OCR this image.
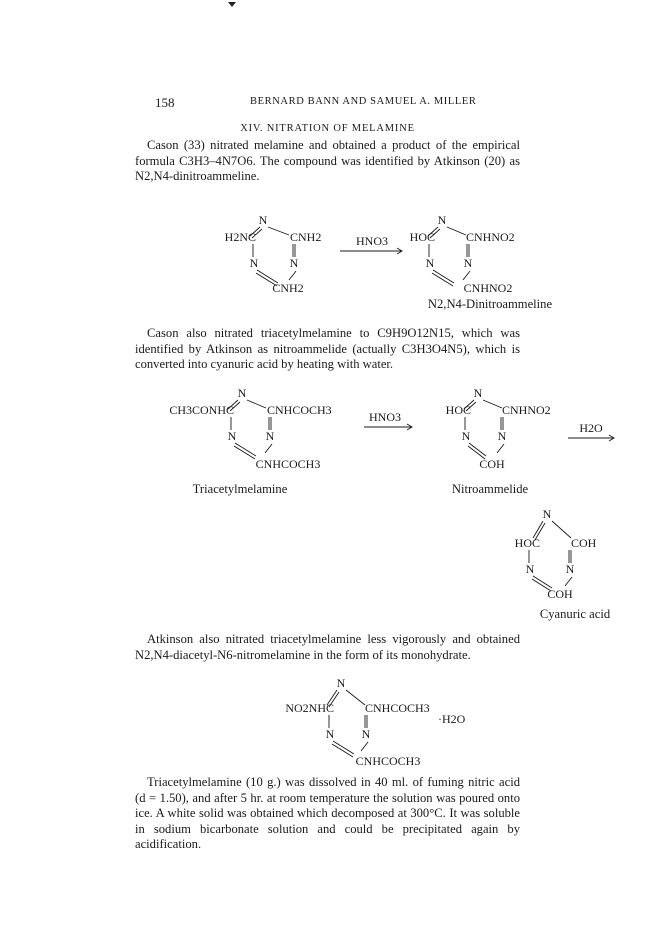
158	BERNARD BANN AND SAMUEL A. MILLER
XIV. NITRATION OF MELAMINE
Cason (33) nitrated melamine and obtained a product of the empirical formula C3H3–4N7O6. The compound was identified by Atkinson (20) as N2,N4-dinitroammeline.
N
H2NC	CNH2
N	N
CNH2
HNO3
N
HOC	CNHNO2
N N
CNHNO2
N2,N4-Dinitroammeline
Cason also nitrated triacetylmelamine to C9H9O12N15, which was identified by Atkinson as nitroammelide (actually C3H3O4N5), which is converted into cyanuric acid by heating with water.
N
CH3CONHC	CNHCOCH3
N N
CNHCOCH3
HNO3
N
HOC	CNHNO2
N N
COH
H2O
N
HOC	COH
N	N
COH
Triacetylmelamine	Nitroammelide
Cyanuric acid
Atkinson also nitrated triacetylmelamine less vigorously and obtained N2,N4-diacetyl-N6-nitromelamine in the form of its monohydrate.
N
NO2NHC	CNHCOCH3
N N
CNHCOCH3
·H2O
Triacetylmelamine (10 g.) was dissolved in 40 ml. of fuming nitric acid (d = 1.50), and after 5 hr. at room temperature the solution was poured onto ice. A white solid was obtained which decomposed at 300°C. It was soluble in sodium bicarbonate solution and could be precipitated again by acidification.
